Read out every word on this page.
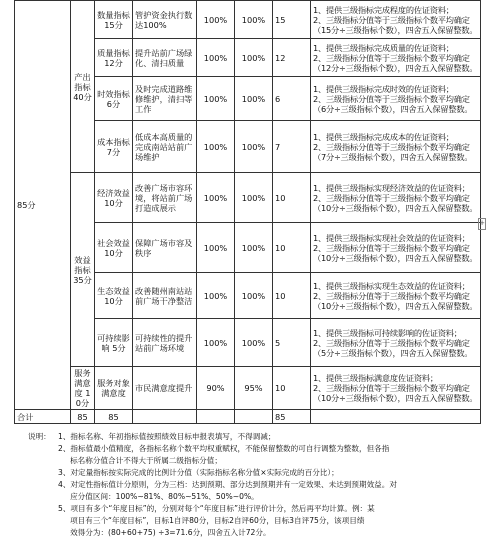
85分	产出指标 40分	数量指标 15分	管护资金执行数达100%	100%	100%	15	1、提供三级指标完成程度的佐证资料；
2、三级指标分值等于三级指标个数平均确定（15分÷三级指标个数），四舍五入保留整数。
		质量指标 12分	提升站前广场绿化、清扫质量	100%	100%	12	1、提供三级指标完成质量的佐证资料；
2、三级指标分值等于三级指标个数平均确定（12分÷三级指标个数），四舍五入保留整数。
		时效指标 6分	及时完成道路维修维护，清扫等工作	100%	100%	6	1、提供三级指标完成时效的佐证资料；
2、三级指标分值等于三级指标个数平均确定（6分÷三级指标个数），四舍五入保留整数。
		成本指标 7分	低成本高质量的完成南站站前广场维护	100%	100%	7	1、提供三级指标完成成本的佐证资料；
2、三级指标分值等于三级指标个数平均确定（7分÷三级指标个数），四舍五入保留整数。
	效益指标 35分	经济效益 10分	改善广场市容环境，将站前广场打造成展示	100%	100%	10	1、提供三级指标实现经济效益的佐证资料；
2、三级指标分值等于三级指标个数平均确定（10分÷三级指标个数），四舍五入保留整数。
		社会效益 10分	保障广场市容及秩序	100%	100%	10	1、提供三级指标实现社会效益的佐证资料；
2、三级指标分值等于三级指标个数平均确定（10分÷三级指标个数），四舍五入保留整数。
		生态效益 10分	改善随州南站站前广场干净整洁	100%	100%	10	1、提供三级指标实现生态效益的佐证资料；
2、三级指标分值等于三级指标个数平均确定（10分÷三级指标个数），四舍五入保留整数。
		可持续影响 5分	可持续性的提升站前广场环境	100%	100%	5	1、提供三级指标可持续影响的佐证资料；
2、三级指标分值等于三级指标个数平均确定（5分÷三级指标个数），四舍五入保留整数。
	服务满意度 10分	服务对象满意度	市民满意度提升	90%	95%	10	1、提供三级指标满意度佐证资料；
2、三级指标分值等于三级指标个数平均确定（10分÷三级指标个数），四舍五入保留整数。
合计	85	85				85	
说明： 1、指标名称、年初指标值按照绩效目标申报表填写，不得调减；
2、指标值最小值精度，各指标名称个数平均权重赋权，不能保留整数的可自行调整为整数，但各指
标名称分值合计不得大于所属二级指标分值；
3、对定量指标按实际完成的比例计分值（实际指标名称分值×实际完成的百分比）；
4、对定性指标值计分原则，分为三档：达到预期、部分达到预期并有一定效果、未达到预期效益。对
应分值区间：100%~81%、80%~51%、50%~0%。
5、项目有多个“年度目标”的，分别对每个“年度目标”进行评价计分，然后再平均计算。例：某
项目有三个“年度目标”，目标1自评80分，目标2自评60分，目标3自评75分，该项目绩
效得分为：(80+60+75) ÷3=71.6分，四舍五入计72分。
+
